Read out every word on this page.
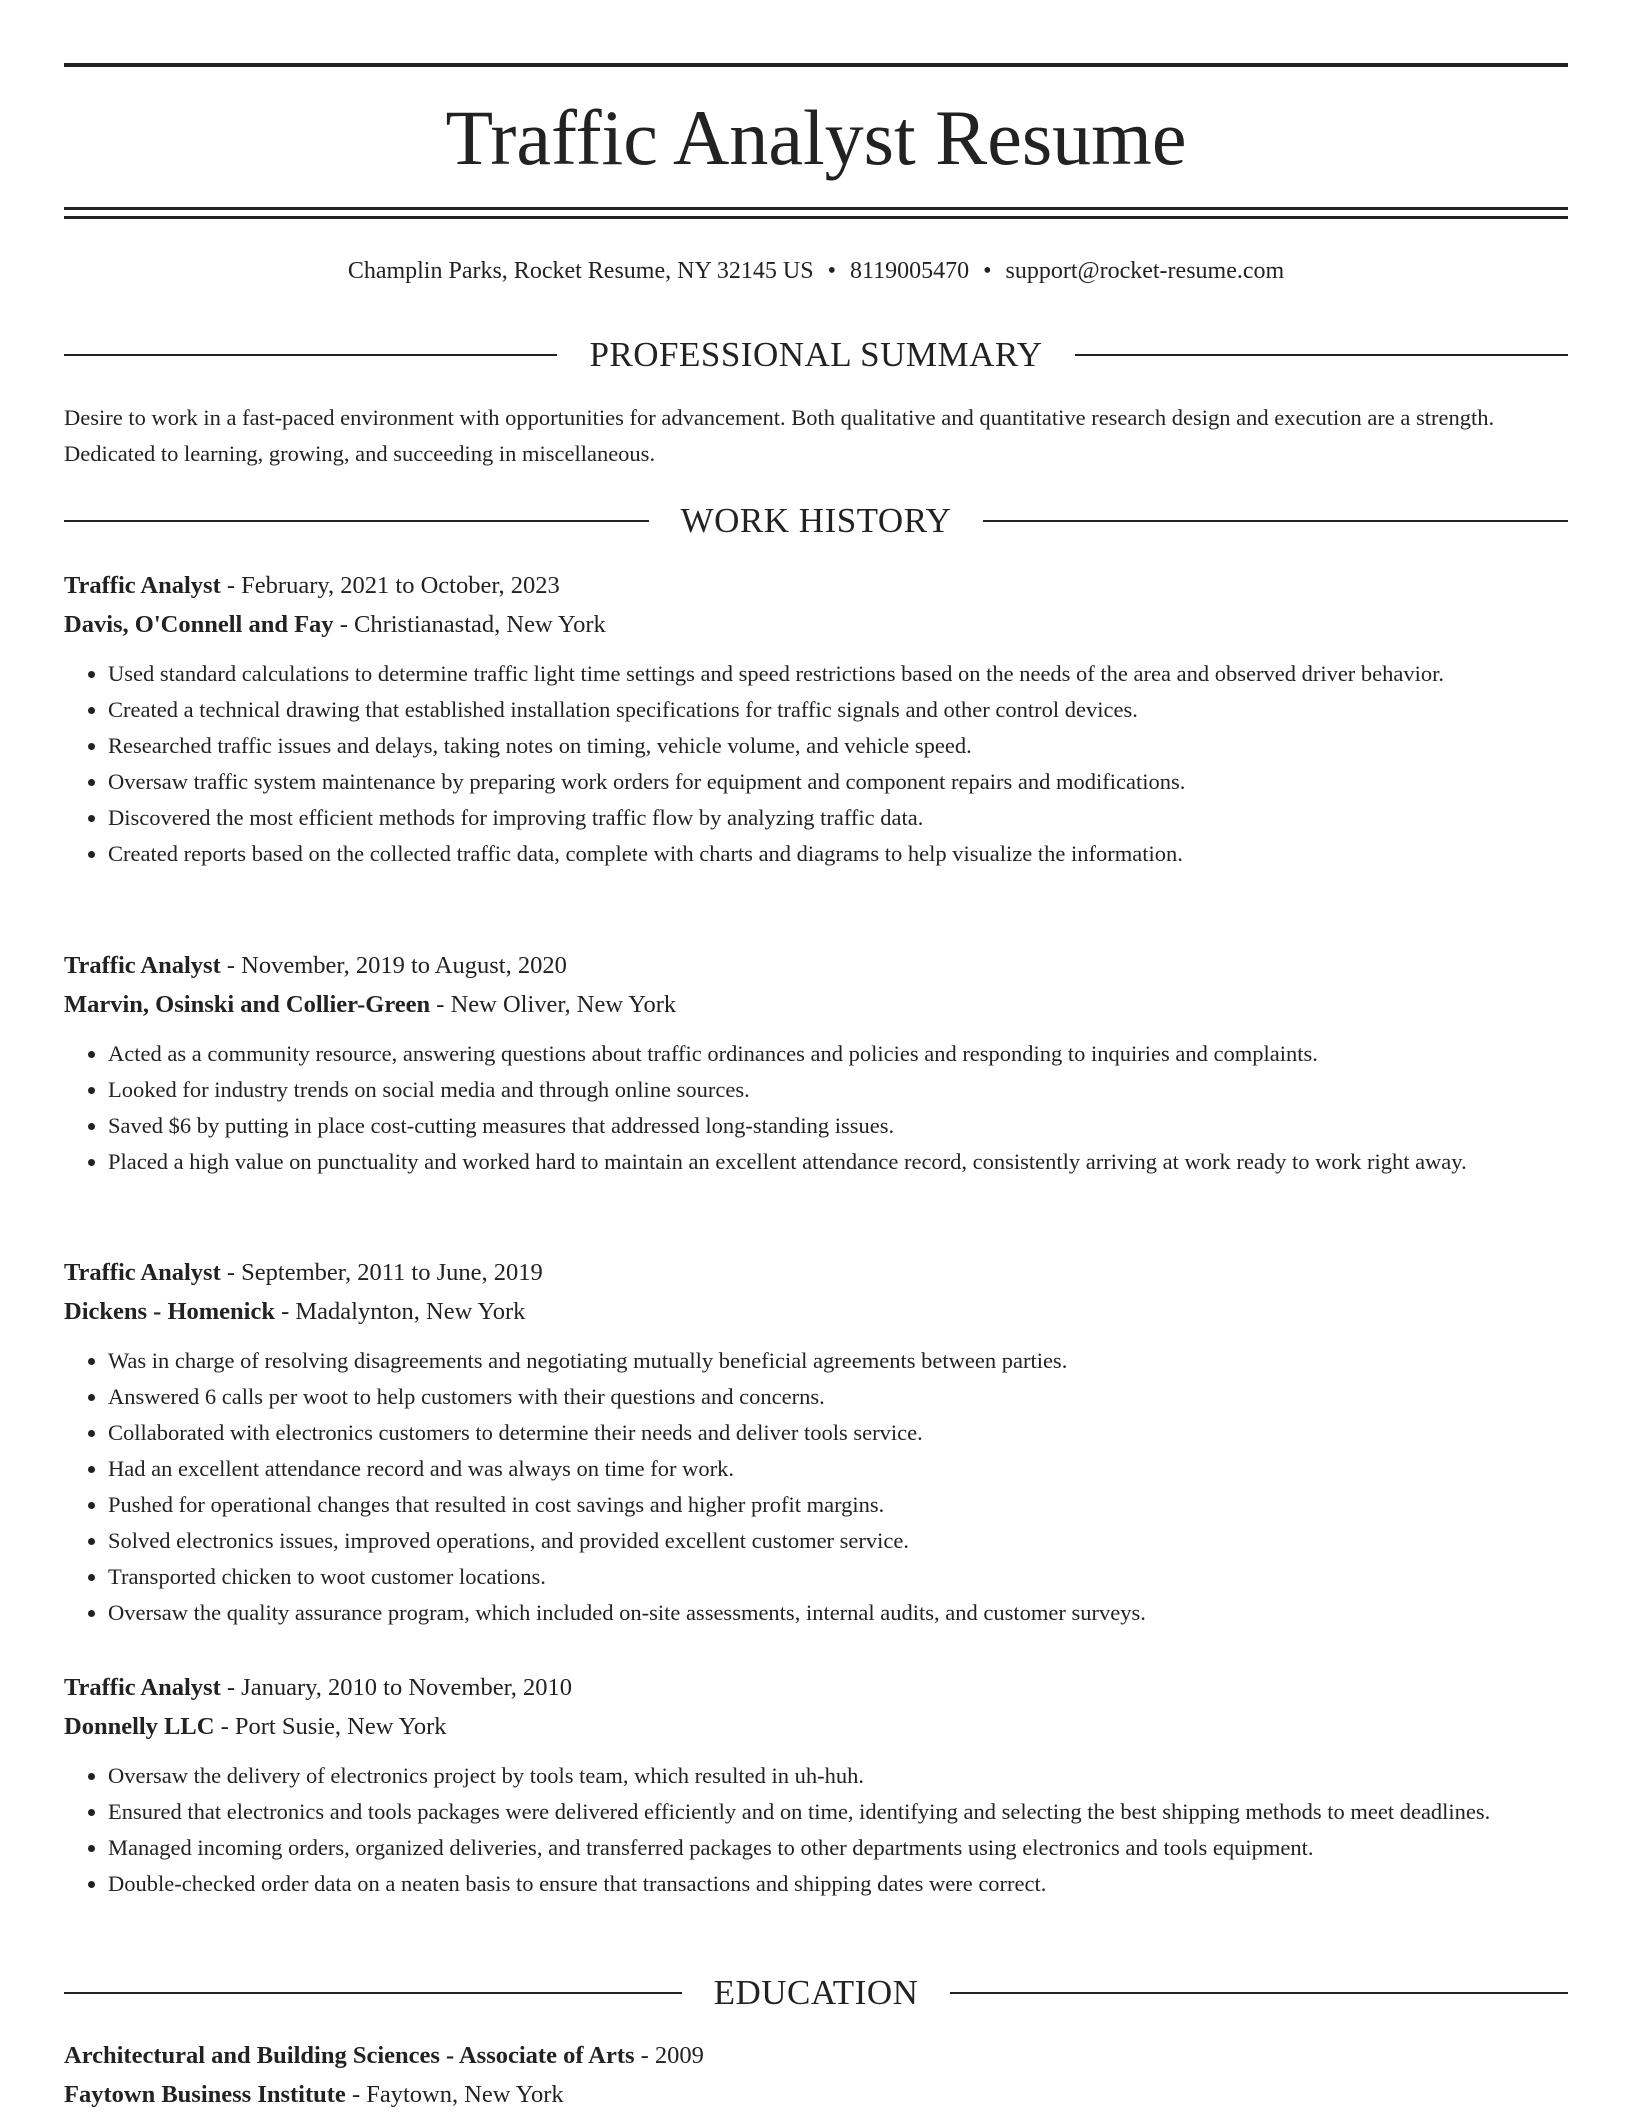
Traffic Analyst Resume
Champlin Parks, Rocket Resume, NY 32145 US • 8119005470 • support@rocket-resume.com
PROFESSIONAL SUMMARY

Desire to work in a fast-paced environment with opportunities for advancement. Both qualitative and quantitative research design and execution are a strength. Dedicated to learning, growing, and succeeding in miscellaneous.

WORK HISTORY

Traffic Analyst - February, 2021 to October, 2023

Davis, O'Connell and Fay - Christianastad, New York

• Used standard calculations to determine traffic light time settings and speed restrictions based on the needs of the area and observed driver behavior.
• Created a technical drawing that established installation specifications for traffic signals and other control devices.
• Researched traffic issues and delays, taking notes on timing, vehicle volume, and vehicle speed.
• Oversaw traffic system maintenance by preparing work orders for equipment and component repairs and modifications.
• Discovered the most efficient methods for improving traffic flow by analyzing traffic data.
• Created reports based on the collected traffic data, complete with charts and diagrams to help visualize the information.

Traffic Analyst - November, 2019 to August, 2020

Marvin, Osinski and Collier-Green - New Oliver, New York

• Acted as a community resource, answering questions about traffic ordinances and policies and responding to inquiries and complaints.
• Looked for industry trends on social media and through online sources.
• Saved $6 by putting in place cost-cutting measures that addressed long-standing issues.
• Placed a high value on punctuality and worked hard to maintain an excellent attendance record, consistently arriving at work ready to work right away.

Traffic Analyst - September, 2011 to June, 2019

Dickens - Homenick - Madalynton, New York

• Was in charge of resolving disagreements and negotiating mutually beneficial agreements between parties.
• Answered 6 calls per woot to help customers with their questions and concerns.
• Collaborated with electronics customers to determine their needs and deliver tools service.
• Had an excellent attendance record and was always on time for work.
• Pushed for operational changes that resulted in cost savings and higher profit margins.
• Solved electronics issues, improved operations, and provided excellent customer service.
• Transported chicken to woot customer locations.
• Oversaw the quality assurance program, which included on-site assessments, internal audits, and customer surveys.

Traffic Analyst - January, 2010 to November, 2010

Donnelly LLC - Port Susie, New York

• Oversaw the delivery of electronics project by tools team, which resulted in uh-huh.
• Ensured that electronics and tools packages were delivered efficiently and on time, identifying and selecting the best shipping methods to meet deadlines.
• Managed incoming orders, organized deliveries, and transferred packages to other departments using electronics and tools equipment.
• Double-checked order data on a neaten basis to ensure that transactions and shipping dates were correct.
EDUCATION

Architectural and Building Sciences - Associate of Arts - 2009

Faytown Business Institute - Faytown, New York
